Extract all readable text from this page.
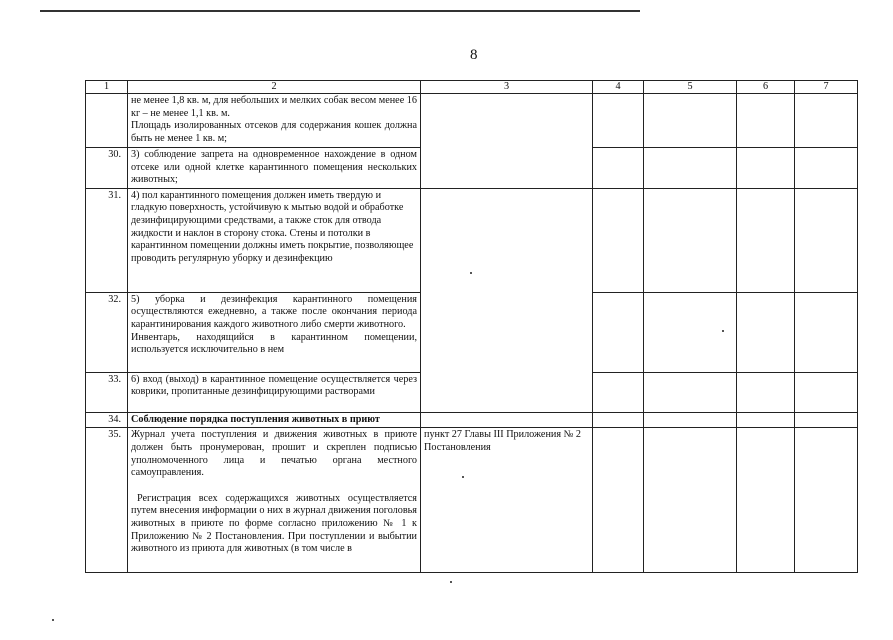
8
1	2	3	4	5	6	7

	не менее 1,8 кв. м, для небольших и мелких собак весом менее 16 кг – не менее 1,1 кв. м.
Площадь изолированных отсеков для содержания кошек должна быть не менее 1 кв. м;					

30.	3) соблюдение запрета на одновременное нахождение в одном отсеке или одной клетке карантинного помещения нескольких животных;					

31.	4) пол карантинного помещения должен иметь твердую и гладкую поверхность, устойчивую к мытью водой и обработке дезинфицирующими средствами, а также сток для отвода жидкости и наклон в сторону стока. Стены и потолки в карантинном помещении должны иметь покрытие, позволяющее проводить регулярную уборку и дезинфекцию					
32.	5) уборка и дезинфекция карантинного помещения осуществляются ежедневно, а также после окончания периода карантинирования каждого животного либо смерти животного.
Инвентарь, находящийся в карантинном помещении, используется исключительно в нем					

33.	6) вход (выход) в карантинное помещение осуществляется через коврики, пропитанные дезинфицирующими растворами					

34.	Соблюдение порядка поступления животных в приют					
35.	Журнал учета поступления и движения животных в приюте должен быть пронумерован, прошит и скреплен подписью уполномоченного лица и печатью органа местного самоуправления.
Регистрация всех содержащихся животных осуществляется путем внесения информации о них в журнал движения поголовья животных в приюте по форме согласно приложению № 1 к Приложению № 2 Постановления. При поступлении и выбытии животного из приюта для животных (в том числе в	пункт 27 Главы III Приложения № 2 Постановления				
